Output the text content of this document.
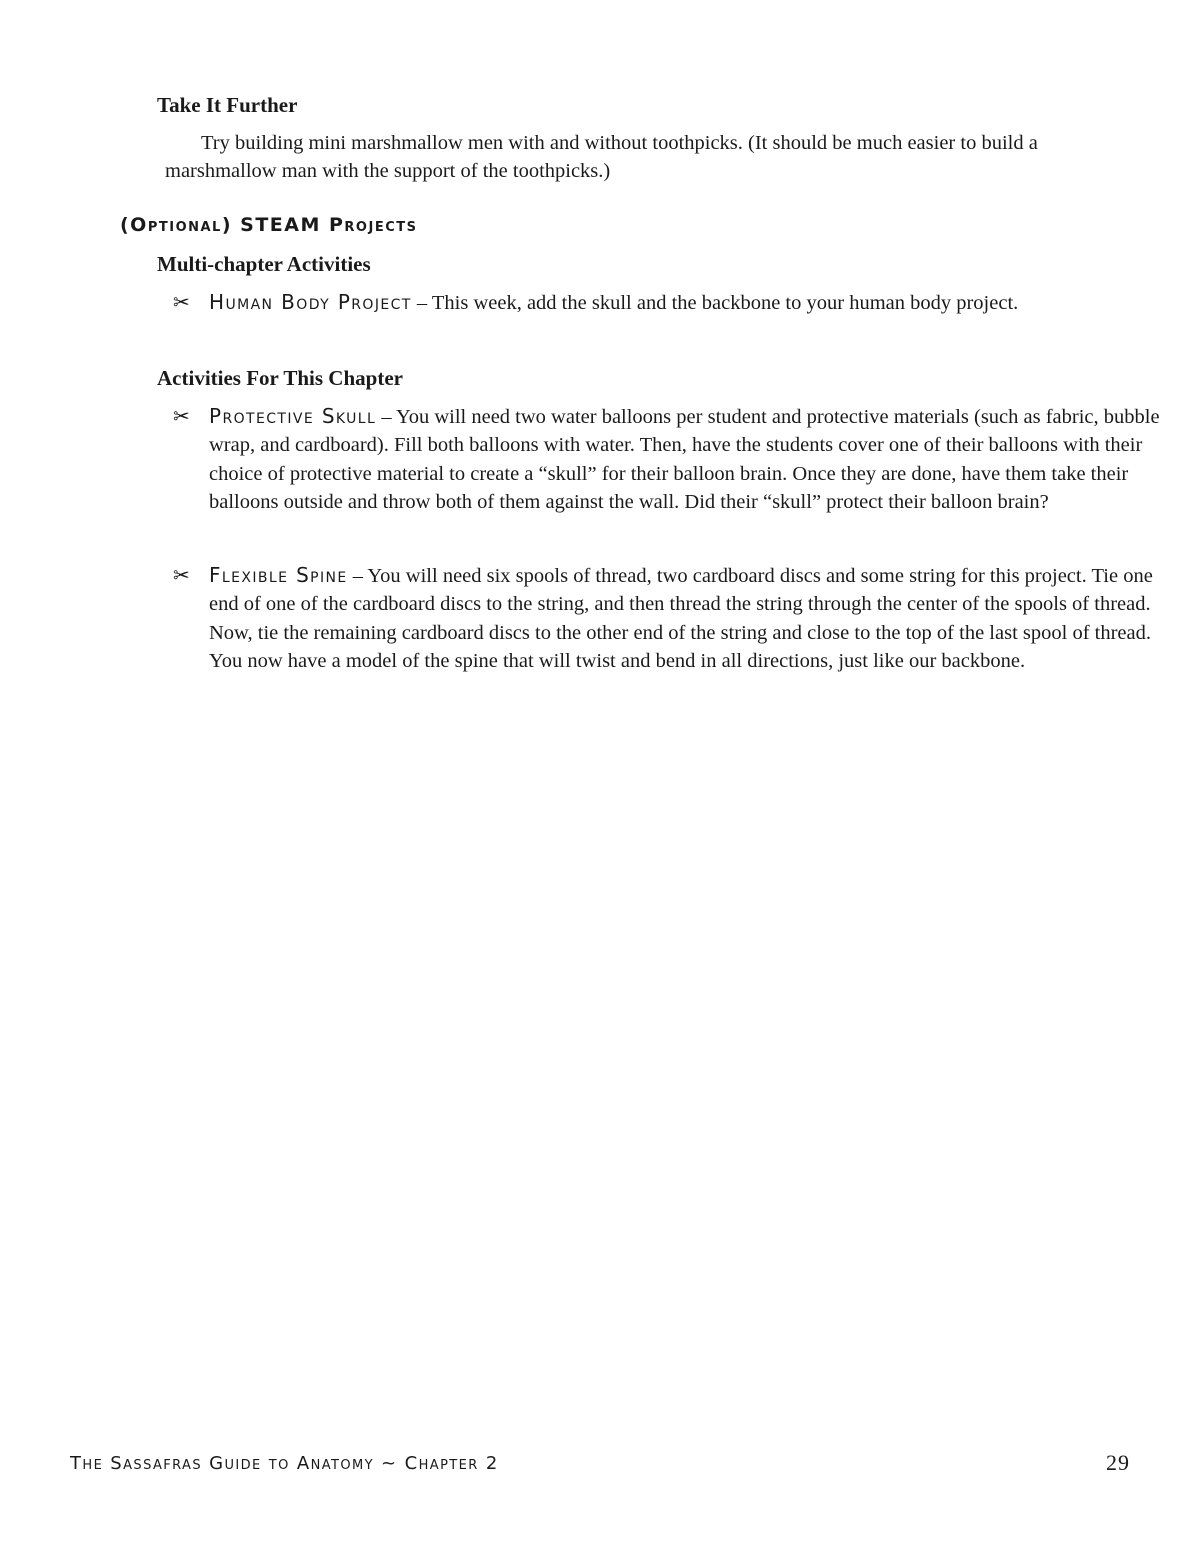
Take It Further

Try building mini marshmallow men with and without toothpicks. (It should be much easier to build a marshmallow man with the support of the toothpicks.)

(Optional) STEAM Projects
Multi-chapter Activities

✂ Human Body Project – This week, add the skull and the backbone to your human body project.

Activities For This Chapter

✂ Protective Skull – You will need two water balloons per student and protective materials (such as fabric, bubble wrap, and cardboard). Fill both balloons with water. Then, have the students cover one of their balloons with their choice of protective material to create a “skull” for their balloon brain. Once they are done, have them take their balloons outside and throw both of them against the wall. Did their “skull” protect their balloon brain?

✂ Flexible Spine – You will need six spools of thread, two cardboard discs and some string for this project. Tie one end of one of the cardboard discs to the string, and then thread the string through the center of the spools of thread. Now, tie the remaining cardboard discs to the other end of the string and close to the top of the last spool of thread. You now have a model of the spine that will twist and bend in all directions, just like our backbone.

The Sassafras Guide to Anatomy ~ Chapter 2	29
